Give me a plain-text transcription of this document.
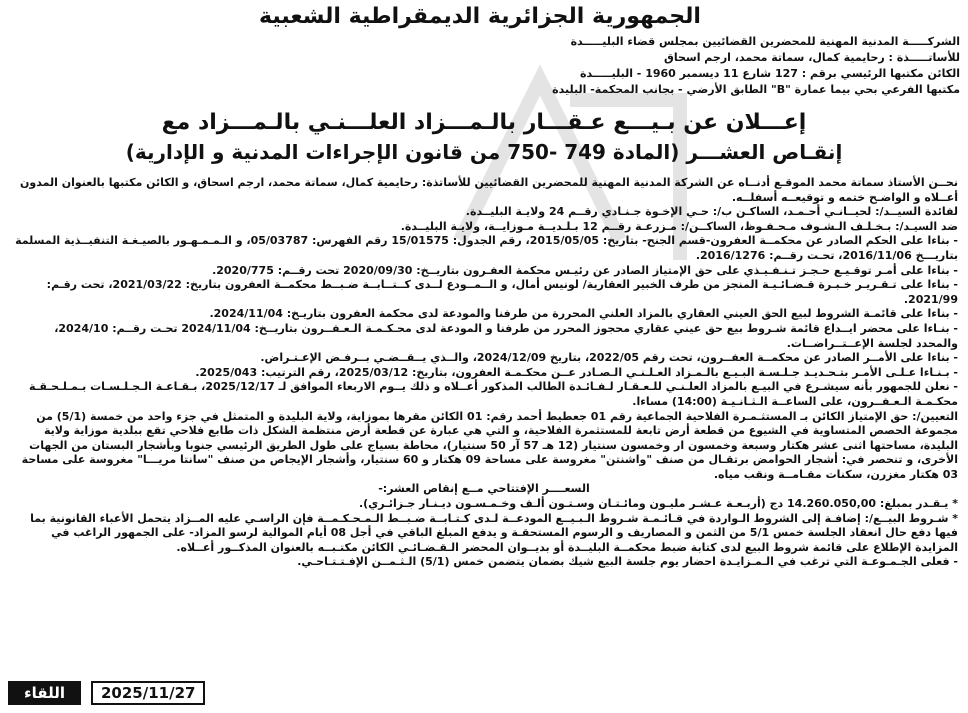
الجمهورية الجزائرية الديمقراطية الشعبية
الشركـــــة المدنية المهنية للمحضرين القضائيين بمجلس قضاء البليـــــدة
للأساتـــــذة : رحايمية كمال، سماتة محمد، ارجم اسحاق
الكائن مكتبها الرئيسي برقم : 127 شارع 11 ديسمبر 1960 - البليـــــدة
مكتبها الفرعي بحي بيما عمارة "B" الطابق الأرضي - بجانب المحكمة- البليدة
إعـــلان عن بـيـــع عـقـــار بالـمـــزاد العلـــنـي بالـمـــزاد مع
إنقـاص العشـــر (المادة 749 -750 من قانون الإجراءات المدنية و الإدارية)

نحــن الأستاذ سماتة محمد الموقـع أدنــاه عن الشركة المدنية المهنية للمحضرين القضائيين للأساتذة: رحايمية كمال، سماتة محمد، ارجم اسحاق، و الكائن مكتبها بالعنوان المدون أعــلاه و الواضـح ختمه و توقيعــه أسفلــه.

لفائدة السيــد/: لحيــانـي أحـمـد، الساكـن ب/: حـي الإخـوة جـنـادي رقــم 24 ولايـة البليــدة.

ضد السيـد/: بـخـلـف الـشـوف مـحـفـوظ، الساكــن/: مـزرعـة رقــم 12 بـلـديــة مـوزايــة، ولايـة البليــدة.

- بناءا على الحكم الصادر عن محكمــة العفرون-قسم الجنح- بتاريخ: 2015/05/05، رقم الجدول: 15/01575 رقم الفهرس: 05/03787، و الـمـمـهـور بالصيـغـة التنفيــذية المسلمة بتاريـــخ 2016/11/06، تحـت رقــم: 2016/1276.

- بناءا على أمـر توقـيـع حـجـز تـنـفـيـذي على حق الإمتياز الصادر عن رئيـس محكمة العفـرون بتاريــخ: 2020/09/30 تحت رقــم: 2020/775.

- بناءا على تـقـريـر خـبـرة قـضـائـيـة المنجز من طرف الخبير العقارية/ لونيس أمال، و الــمــودع لــدى كــتــابــة ضـبــط محكمــة العفرون بتاريخ: 2021/03/22، تحت رقـم: 2021/99.

- بناءا على قائمـة الشروط لبيع الحق العيني العقاري بالمزاد العلني المحررة من طرفنا والمودعة لدى محكمة العفرون بتاريـخ: 2024/11/04.

- بنـاءا على محضر ايــداع قائمة شـروط بيع حق عيني عقاري محجوز المحرر من طرفنا و المودعة لدى محـكـمـة الـعـفــرون بتاريــخ: 2024/11/04 تحـت رقــم: 2024/10، والمحدد لجلسة الإعــتــراضــات.

- بناءا على الأمــر الصادر عن محكمــة العفــرون، تحت رقم 2022/05، بتاريخ 2024/12/09، والــذي يــقــضـي بــرفـض الإعـتـراض.

- بـنـاءا عـلـى الأمـر بتـحـديـد جـلـسـة البـيـع بالـمـزاد العـلـنـي الـصـادر عــن محكـمـة العفرون، بتاريخ: 2025/03/12، رقم الترتيب: 2025/043.

- نعلن للجمهور بأنه سيشـرع في البيـع بالمزاد العلـنـي للـعـقـار لـفـائـدة الطالب المذكور أعــلاه و ذلك يــوم الاربعاء الموافق لـ 2025/12/17، بـقـاعـة الـجـلـسـات بـمـلـحـقـة محكـمـة الـعـفــرون، على الساعــة الـثـانـيـة (14:00) مساءا.

التعيين/: حق الإمتياز الكائن بـ المستثـمـرة الفلاحية الجماعية رقم 01 جعطيط أحمد رقم: 01 الكائن مقرها بموزاية، ولاية البليدة و المتمثل في جزء واحد من خمسة (5/1) من مجموعة الحصص المتساوية في الشيوع من قطعة أرض تابعة للمستثمرة الفلاحية، و التي هي عبارة عن قطعة أرض منتظمة الشكل ذات طابع فلاحي تقع ببلدية موزاية ولاية البليدة، مساحتها اثنى عشر هكتار وسبعة وخمسون ار وخمسون سنتيار (12 هـ 57 آر 50 سنتيار)، محاطة بسياج على طول الطريق الرئيسي جنوبا وبأشجار البستان من الجهات الأخرى، و تنحصر في: أشجار الحوامض برتقـال من صنف "واشنتن" مغروسة على مساحة 09 هكتار و 60 سنتيار، وأشجار الإيجاص من صنف "سانتا مريـــا" مغروسة على مساحة 03 هكتار مغزرن، سكنات مقـامــة ونقب مياه.

السعــــر الإفتتاحي مــع إنقاص العشر:-

* يـقـدر بمبلغ: 14.260.050,00 دج (أربـعـة عـشـر مليـون ومائـتـان وسـتـون ألـف وخـمـسـون ديـنـار جـزائـري).

* شـروط البيــع/: إضافـة إلى الشروط الـواردة في قـائـمـة شـروط الـبـيــع المودعــة لـدى كـتـابــة ضـبــط الـمـحـكـمــة فإن الراسـي عليه المــزاد يتحمل الأعباء القانونية بما فيها دفع حال انعقاد الجلسة خمس 5/1 من الثمن و المصاريف و الرسوم المستحقـة و يدفع المبلغ الباقي في أجل 08 أيام الموالية لرسو المزاد- على الجمهور الراغب في المزايدة الإطلاع على قائمة شروط البيع لدى كتابة ضبط محكمــة البليــدة أو بديــوان المحضر الـقـضـائـي الكائن مكتـبــه بالعنوان المذكــور أعــلاه.

- فعلى الجـمـوعـة التي ترغب في الـمـزايـدة احضار يوم جلسة البيع شيك بضمان يتضمن خمس (5/1) الـثـمــن الإفـتـتـاحـي.

اللقاء	2025/11/27
